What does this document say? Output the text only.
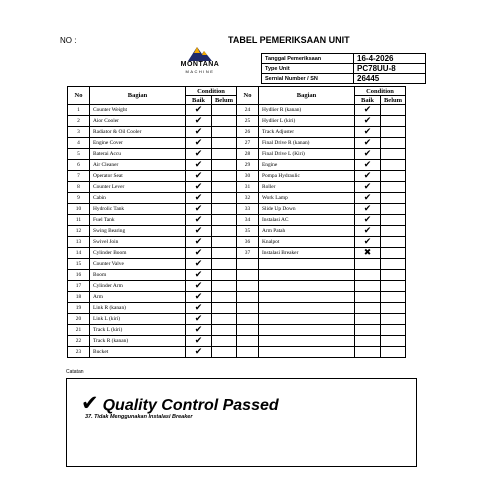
NO :	TABEL PEMERIKSAAN UNIT
MONTANA
MACHINE
Tanggal Pemeriksaan	16-4-2026
Type Unit	PC78UU-8
Sernial Number / SN	26445
No	Bagian	Condition		No	Bagian	Condition	
		Baik	Belum			Baik	Belum
1	Counter Weight	✔		24	Hydlier R (kanan)	✔	
2	Aior Cooler	✔		25	Hydlier L (kiri)	✔	
3	Radiator & Oil Cooler	✔		26	Track Adjuster	✔	
4	Engine Cover	✔		27	Final Drive R (kanan)	✔	
5	Baterai Accu	✔		28	Final Drive L (Kiri)	✔	
6	Air Cleaner	✔		29	Engine	✔	
7	Operator Seat	✔		30	Pompa Hydraulic	✔	
8	Counter Lever	✔		31	Roller	✔	
9	Cabin	✔		32	Work Lamp	✔	
10	Hydrolic Tank	✔		33	Slide Up Down	✔	
11	Fuel Tank	✔		34	Instalasi AC	✔	
12	Swing Bearing	✔		35	Arm Patah	✔	
13	Swivel Join	✔		36	Knalpot	✔	
14	Cylinder Boom	✔		37	Instalasi Breaker	✖	
15	Counter Valve	✔					
16	Boom	✔					
17	Cylinder Arm	✔					
18	Arm	✔					
19	Link R (kanan)	✔					
20	Link L (kiri)	✔					
21	Track L (kiri)	✔					
22	Track R (kanan)	✔					
23	Bucket	✔					
Catatan
✔ Quality Control Passed
37. Tidak Menggunakan Instalasi Breaker
